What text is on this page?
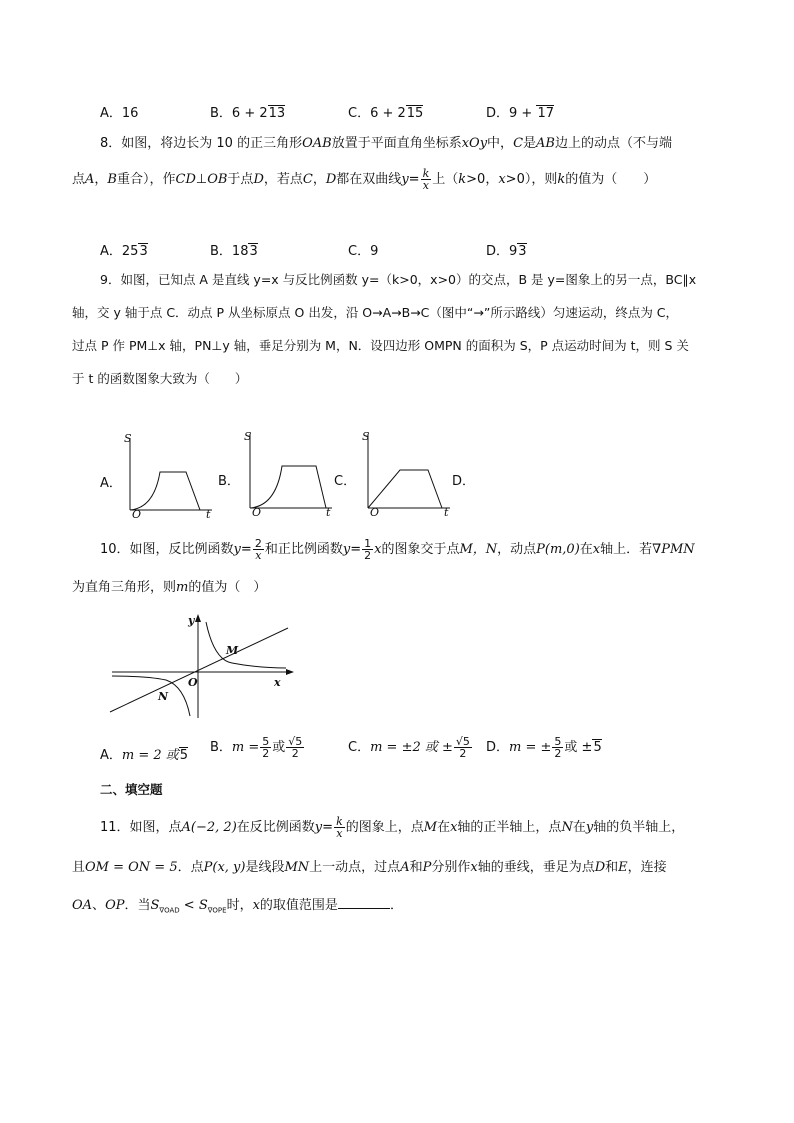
A．16	B．6 + 213	C．6 + 215	D．9 + 17
8．如图，将边长为 10 的正三角形OAB放置于平面直角坐标系xOy中，C是AB边上的动点（不与端
点A，B重合），作CD⊥OB于点D，若点C，D都在双曲线$y= \frac{k}{x}$ 上（k>0，x>0），则k的值为（　　）
A．253	B．183	C．9	D．93
9．如图，已知点 A 是直线 y=x 与反比例函数 y=（k>0，x>0）的交点，B 是 y=图象上的另一点，BC∥x
轴，交 y 轴于点 C．动点 P 从坐标原点 O 出发，沿 O→A→B→C（图中“→”所示路线）匀速运动，终点为 C，
过点 P 作 PM⊥x 轴，PN⊥y 轴，垂足分别为 M，N．设四边形 OMPN 的面积为 S，P 点运动时间为 t，则 S 关
于 t 的函数图象大致为（　　）
A．	B．	C．	D．
S
t
O
S
t
O
S
t
O
10．如图，反比例函数$y= \frac{2}{x}$ 和正比例函数$y= \frac{1}{2}$ x的图象交于点M，N，动点P(m,0)在x轴上．若∇PMN
为直角三角形，则m的值为（　）
y
x
O
M
N
A．m = 2 或5
B．$m = \frac{5}{2}$ 或 $\frac{√5}{2}$	C．m = ±2 或 ± $\frac{√5}{2}$ D．m = ± $\frac{5}{2}$ 或 ±5
二、填空题
11．如图，点A(−2, 2)在反比例函数$y= \frac{k}{x}$ 的图象上，点M在x轴的正半轴上，点N在y轴的负半轴上，
且OM = ON = 5．点P(x, y)是线段MN上一动点，过点A和P分别作x轴的垂线，垂足为点D和E，连接
OA、OP．当$S_{\nabla OAD} < S_{\nabla OPE}$时，x的取值范围是	．
